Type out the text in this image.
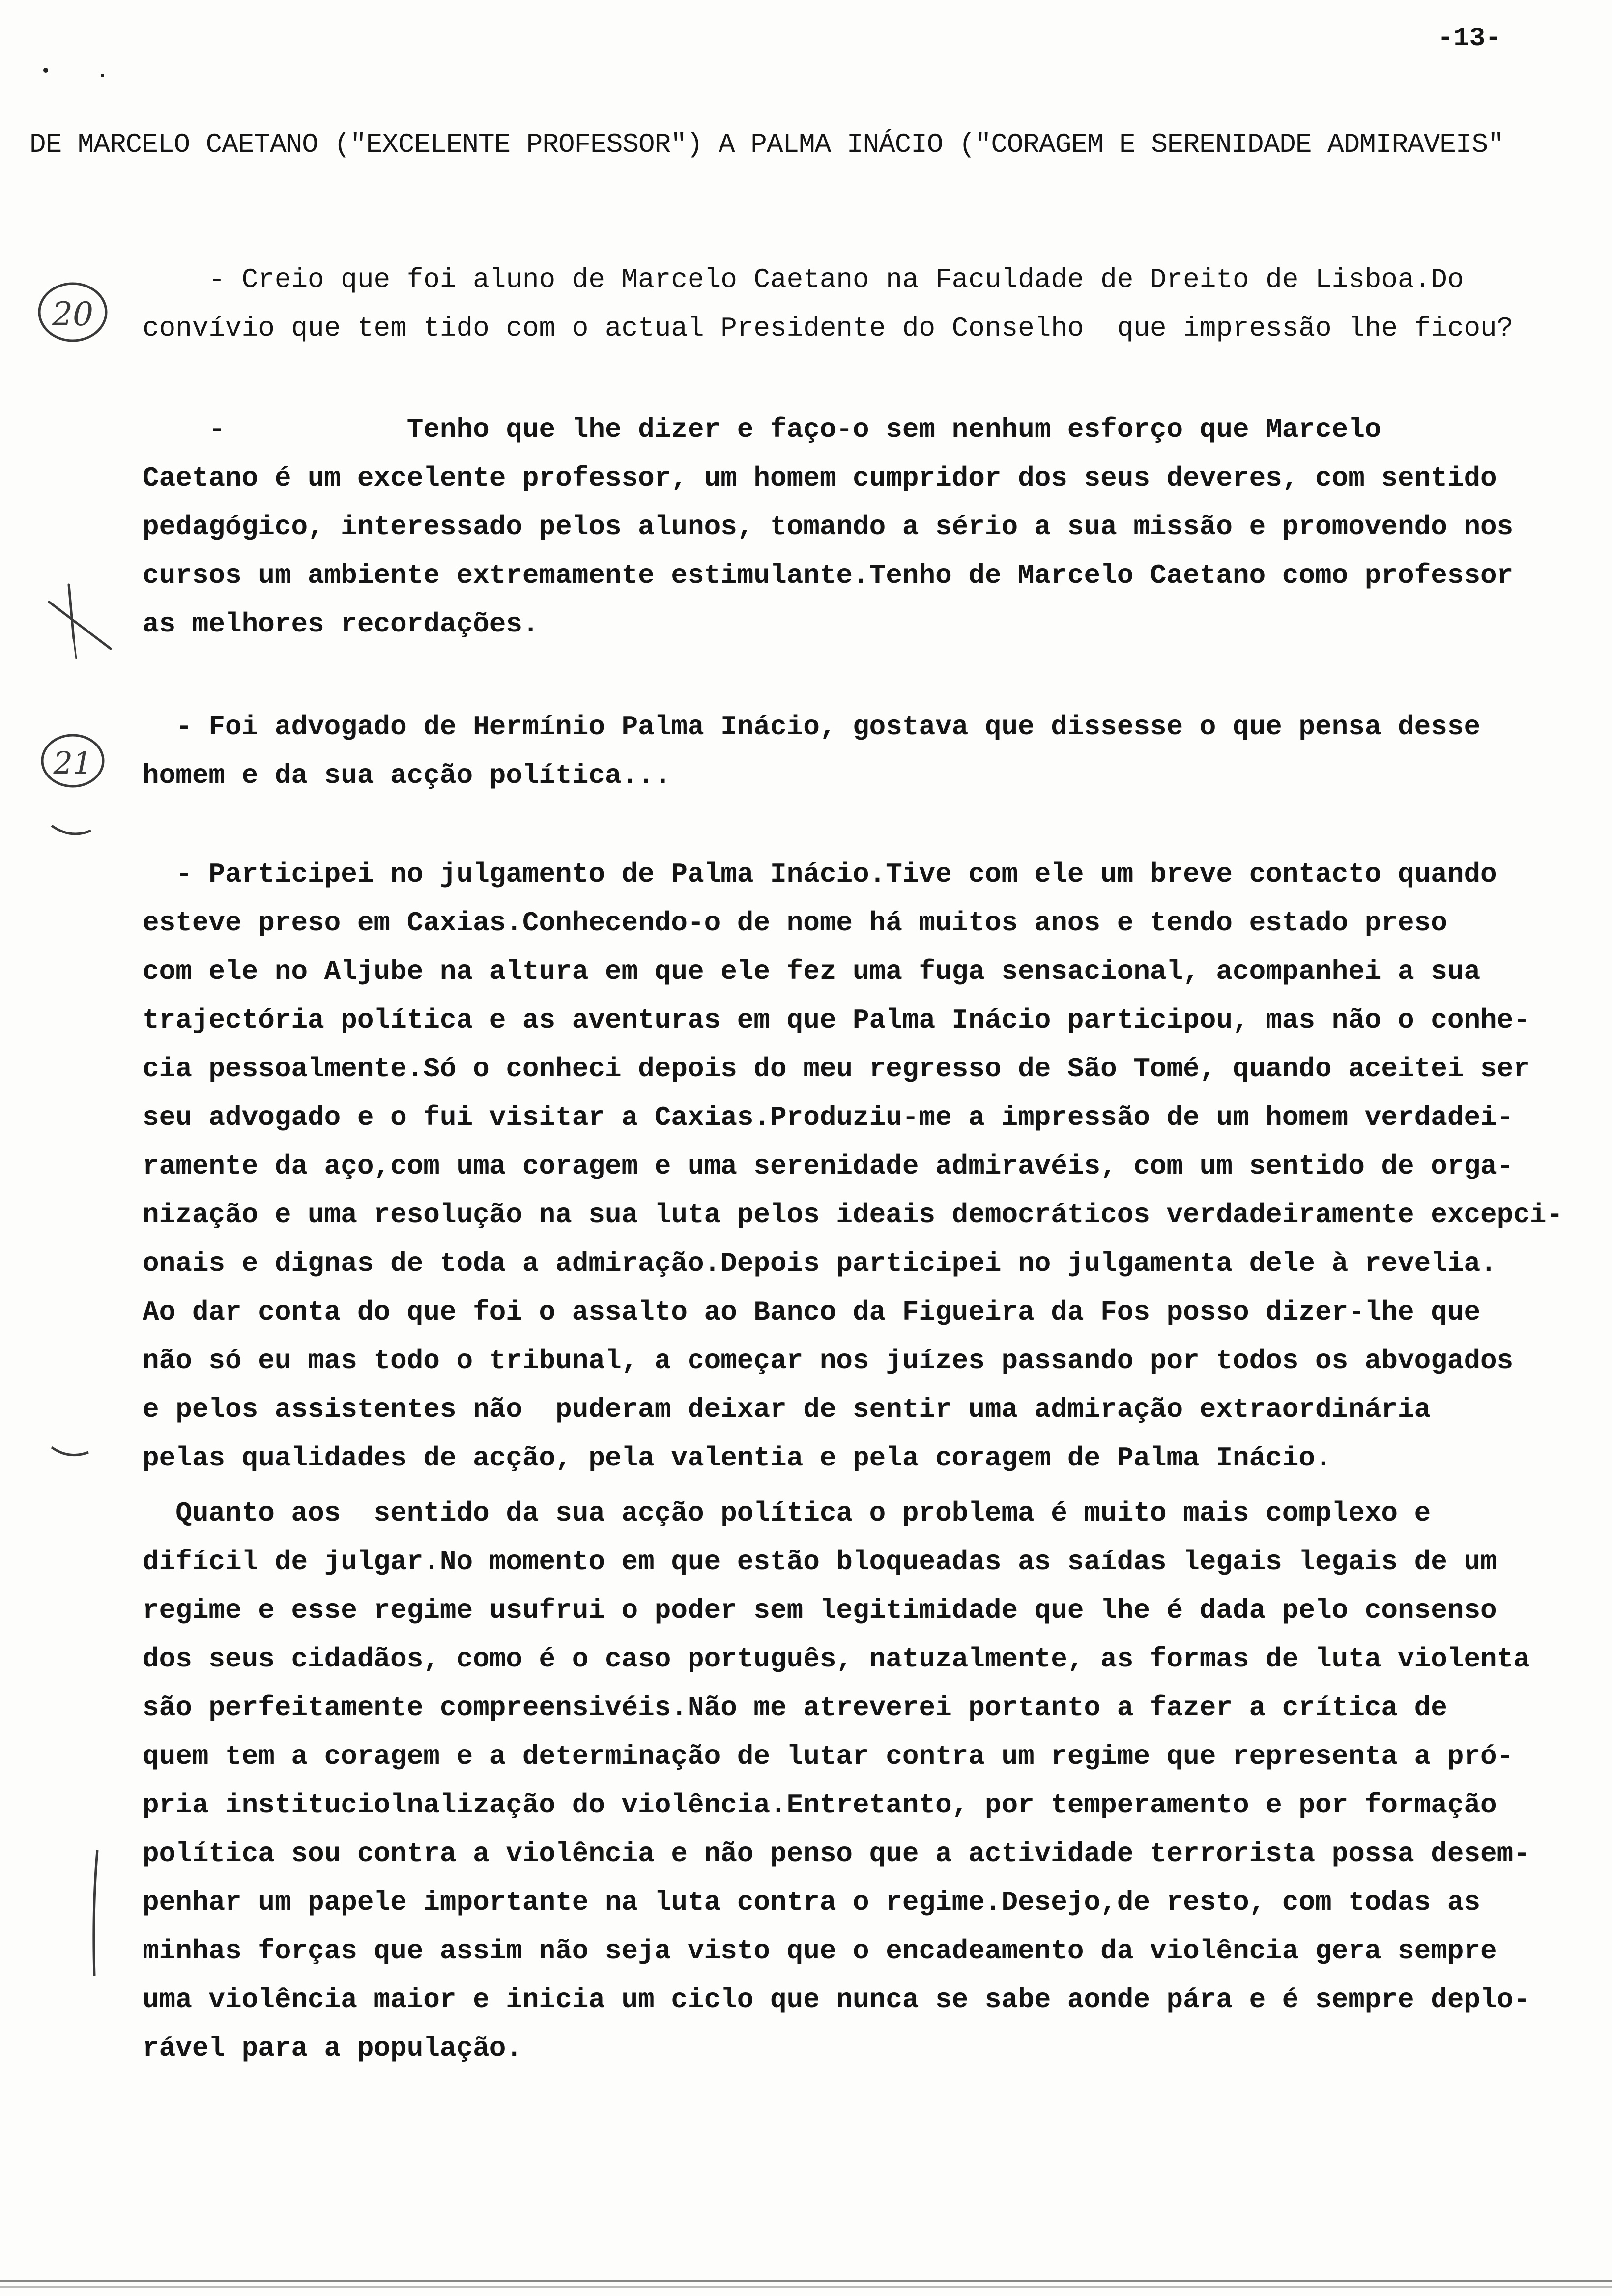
-13-
DE MARCELO CAETANO ("EXCELENTE PROFESSOR") A PALMA INÁCIO ("CORAGEM E SERENIDADE ADMIRAVEIS"
- Creio que foi aluno de Marcelo Caetano na Faculdade de Dreito de Lisboa.Do
convívio que tem tido com o actual Presidente do Conselho  que impressão lhe ficou?
-           Tenho que lhe dizer e faço-o sem nenhum esforço que Marcelo
Caetano é um excelente professor, um homem cumpridor dos seus deveres, com sentido
pedagógico, interessado pelos alunos, tomando a sério a sua missão e promovendo nos
cursos um ambiente extremamente estimulante.Tenho de Marcelo Caetano como professor
as melhores recordações.
- Foi advogado de Hermínio Palma Inácio, gostava que dissesse o que pensa desse
homem e da sua acção política...
- Participei no julgamento de Palma Inácio.Tive com ele um breve contacto quando
esteve preso em Caxias.Conhecendo-o de nome há muitos anos e tendo estado preso
com ele no Aljube na altura em que ele fez uma fuga sensacional, acompanhei a sua
trajectória política e as aventuras em que Palma Inácio participou, mas não o conhe-
cia pessoalmente.Só o conheci depois do meu regresso de São Tomé, quando aceitei ser
seu advogado e o fui visitar a Caxias.Produziu-me a impressão de um homem verdadei-
ramente da aço,com uma coragem e uma serenidade admiravéis, com um sentido de orga-
nização e uma resolução na sua luta pelos ideais democráticos verdadeiramente excepci-
onais e dignas de toda a admiração.Depois participei no julgamenta dele à revelia.
Ao dar conta do que foi o assalto ao Banco da Figueira da Fos posso dizer-lhe que
não só eu mas todo o tribunal, a começar nos juízes passando por todos os abvogados
e pelos assistentes não  puderam deixar de sentir uma admiração extraordinária
pelas qualidades de acção, pela valentia e pela coragem de Palma Inácio.
Quanto aos  sentido da sua acção política o problema é muito mais complexo e
difícil de julgar.No momento em que estão bloqueadas as saídas legais legais de um
regime e esse regime usufrui o poder sem legitimidade que lhe é dada pelo consenso
dos seus cidadãos, como é o caso português, natuzalmente, as formas de luta violenta
são perfeitamente compreensivéis.Não me atreverei portanto a fazer a crítica de
quem tem a coragem e a determinação de lutar contra um regime que representa a pró-
pria instituciolnalização do violência.Entretanto, por temperamento e por formação
política sou contra a violência e não penso que a actividade terrorista possa desem-
penhar um papele importante na luta contra o regime.Desejo,de resto, com todas as
minhas forças que assim não seja visto que o encadeamento da violência gera sempre
uma violência maior e inicia um ciclo que nunca se sabe aonde pára e é sempre deplo-
rável para a população.
20
21
